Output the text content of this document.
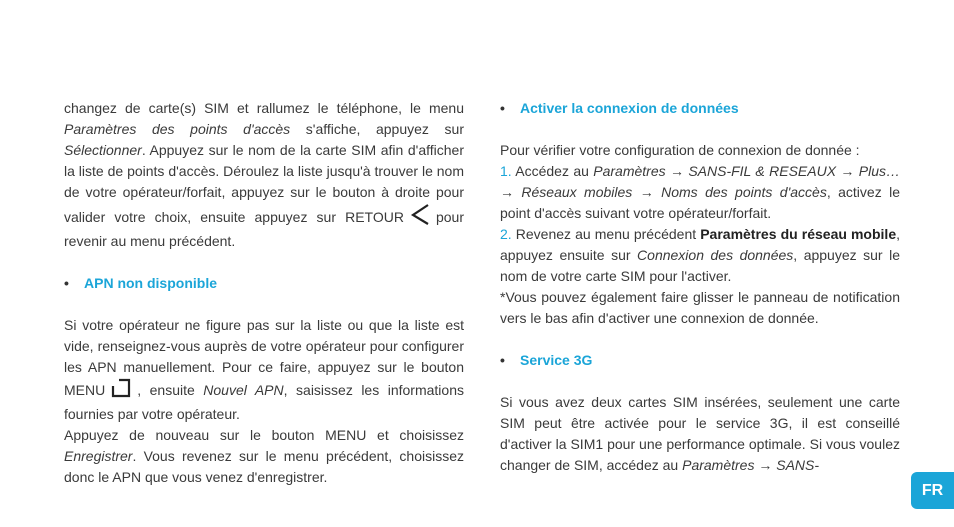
changez de carte(s) SIM et rallumez le téléphone, le menu Paramètres des points d'accès s'affiche, appuyez sur Sélectionner. Appuyez sur le nom de la carte SIM afin d'afficher la liste de points d'accès. Déroulez la liste jusqu'à trouver le nom de votre opérateur/forfait, appuyez sur le bouton à droite pour valider votre choix, ensuite appuyez sur RETOUR pour revenir au menu précédent.

• APN non disponible

Si votre opérateur ne figure pas sur la liste ou que la liste est vide, renseignez-vous auprès de votre opérateur pour configurer les APN manuellement. Pour ce faire, appuyez sur le bouton MENU , ensuite Nouvel APN, saisissez les informations fournies par votre opérateur.

Appuyez de nouveau sur le bouton MENU et choisissez Enregistrer. Vous revenez sur le menu précédent, choisissez donc le APN que vous venez d'enregistrer.

• Activer la connexion de données

Pour vérifier votre configuration de connexion de donnée :

1. Accédez au Paramètres → SANS-FIL & RESEAUX → Plus… → Réseaux mobiles → Noms des points d'accès, activez le point d'accès suivant votre opérateur/forfait.

2. Revenez au menu précédent Paramètres du réseau mobile, appuyez ensuite sur Connexion des données, appuyez sur le nom de votre carte SIM pour l'activer.

*Vous pouvez également faire glisser le panneau de notification vers le bas afin d'activer une connexion de donnée.

• Service 3G

Si vous avez deux cartes SIM insérées, seulement une carte SIM peut être activée pour le service 3G, il est conseillé d'activer la SIM1 pour une performance optimale. Si vous voulez changer de SIM, accédez au Paramètres → SANS-

FR
